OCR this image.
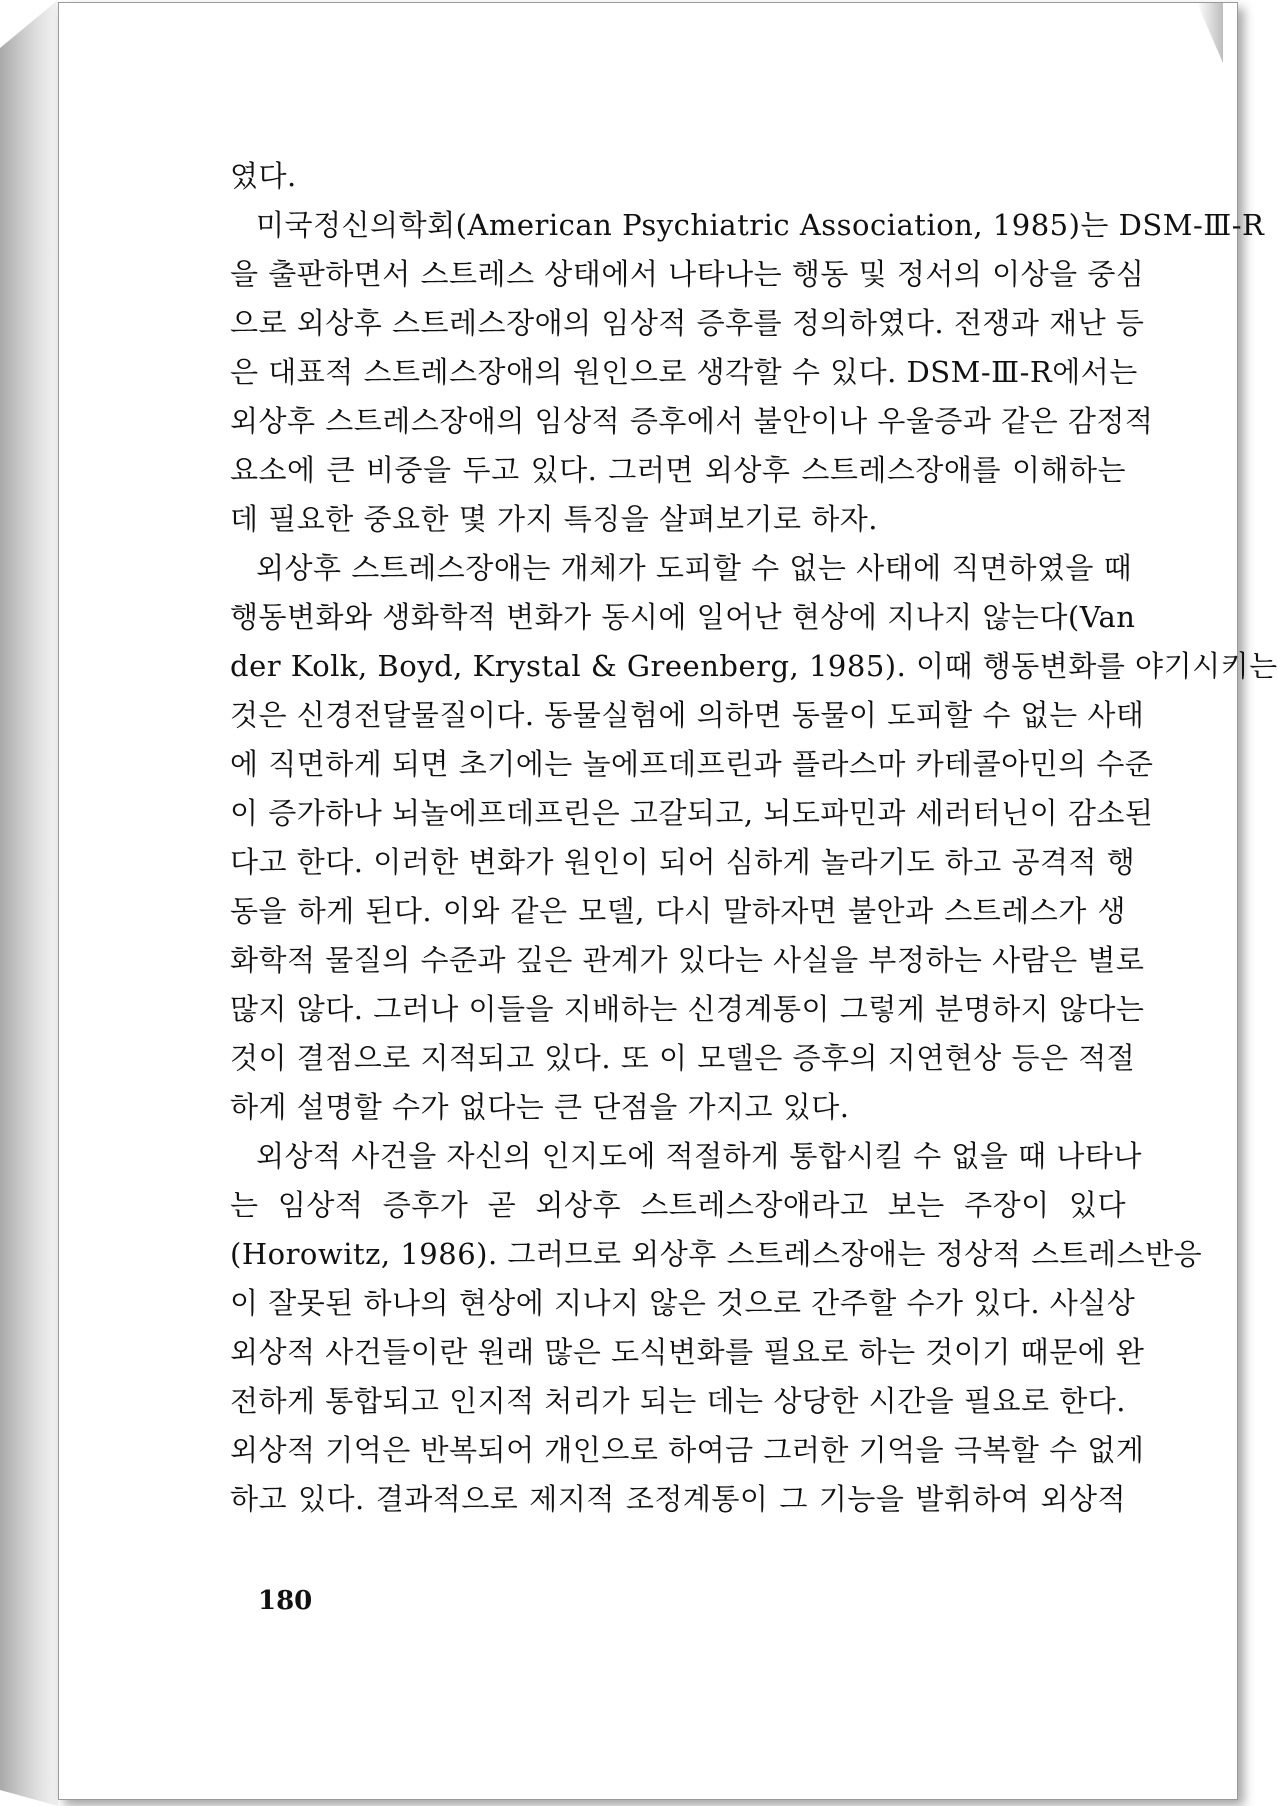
였다.
미국정신의학회(American Psychiatric Association, 1985)는 DSM-Ⅲ-R
을 출판하면서 스트레스 상태에서 나타나는 행동 및 정서의 이상을 중심
으로 외상후 스트레스장애의 임상적 증후를 정의하였다. 전쟁과 재난 등
은 대표적 스트레스장애의 원인으로 생각할 수 있다. DSM-Ⅲ-R에서는
외상후 스트레스장애의 임상적 증후에서 불안이나 우울증과 같은 감정적
요소에 큰 비중을 두고 있다. 그러면 외상후 스트레스장애를 이해하는
데 필요한 중요한 몇 가지 특징을 살펴보기로 하자.
외상후 스트레스장애는 개체가 도피할 수 없는 사태에 직면하였을 때
행동변화와 생화학적 변화가 동시에 일어난 현상에 지나지 않는다(Van
der Kolk, Boyd, Krystal & Greenberg, 1985). 이때 행동변화를 야기시키는
것은 신경전달물질이다. 동물실험에 의하면 동물이 도피할 수 없는 사태
에 직면하게 되면 초기에는 놀에프데프린과 플라스마 카테콜아민의 수준
이 증가하나 뇌놀에프데프린은 고갈되고, 뇌도파민과 세러터닌이 감소된
다고 한다. 이러한 변화가 원인이 되어 심하게 놀라기도 하고 공격적 행
동을 하게 된다. 이와 같은 모델, 다시 말하자면 불안과 스트레스가 생
화학적 물질의 수준과 깊은 관계가 있다는 사실을 부정하는 사람은 별로
많지 않다. 그러나 이들을 지배하는 신경계통이 그렇게 분명하지 않다는
것이 결점으로 지적되고 있다. 또 이 모델은 증후의 지연현상 등은 적절
하게 설명할 수가 없다는 큰 단점을 가지고 있다.
외상적 사건을 자신의 인지도에 적절하게 통합시킬 수 없을 때 나타나
는 임상적 증후가 곧 외상후 스트레스장애라고 보는 주장이 있다
(Horowitz, 1986). 그러므로 외상후 스트레스장애는 정상적 스트레스반응
이 잘못된 하나의 현상에 지나지 않은 것으로 간주할 수가 있다. 사실상
외상적 사건들이란 원래 많은 도식변화를 필요로 하는 것이기 때문에 완
전하게 통합되고 인지적 처리가 되는 데는 상당한 시간을 필요로 한다.
외상적 기억은 반복되어 개인으로 하여금 그러한 기억을 극복할 수 없게
하고 있다. 결과적으로 제지적 조정계통이 그 기능을 발휘하여 외상적
180
